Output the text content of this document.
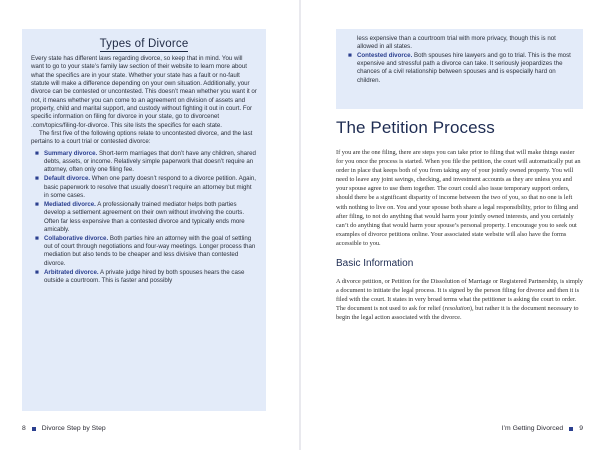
Types of Divorce

Every state has different laws regarding divorce, so keep that in mind. You will want to go to your state’s family law section of their website to learn more about what the specifics are in your state. Whether your state has a fault or no-fault statute will make a difference depending on your own situation. Additionally, your divorce can be contested or uncontested. This doesn’t mean whether you want it or not, it means whether you can come to an agreement on division of assets and property, child and marital support, and custody without fighting it out in court. For specific information on filing for divorce in your state, go to divorcenet .com/topics/filing-for-divorce. This site lists the specifics for each state.

The first five of the following options relate to uncontested divorce, and the last pertains to a court trial or contested divorce:

■ Summary divorce. Short-term marriages that don’t have any children, shared debts, assets, or income. Relatively simple paperwork that doesn’t require an attorney, often only one filing fee.
■ Default divorce. When one party doesn’t respond to a divorce petition. Again, basic paperwork to resolve that usually doesn’t require an attorney but might in some cases.
■ Mediated divorce. A professionally trained mediator helps both parties develop a settlement agreement on their own without involving the courts. Often far less expensive than a contested divorce and typically ends more amicably.
■ Collaborative divorce. Both parties hire an attorney with the goal of settling out of court through negotiations and four-way meetings. Longer process than mediation but also tends to be cheaper and less divisive than contested divorce.
■ Arbitrated divorce. A private judge hired by both spouses hears the case outside a courtroom. This is faster and possibly

less expensive than a courtroom trial with more privacy, though this is not allowed in all states.

■ Contested divorce. Both spouses hire lawyers and go to trial. This is the most expensive and stressful path a divorce can take. It seriously jeopardizes the chances of a civil relationship between spouses and is especially hard on children.
The Petition Process

If you are the one filing, there are steps you can take prior to filing that will make things easier for you once the process is started. When you file the petition, the court will automatically put an order in place that keeps both of you from taking any of your jointly owned property. You will need to leave any joint savings, checking, and investment accounts as they are unless you and your spouse agree to use them together. The court could also issue temporary support orders, should there be a significant disparity of income between the two of you, so that no one is left with nothing to live on. You and your spouse both share a legal responsibility, prior to filing and after filing, to not do anything that would harm your jointly owned interests, and you certainly can’t do anything that would harm your spouse’s personal property. I encourage you to seek out examples of divorce petitions online. Your associated state website will also have the forms accessible to you.

Basic Information

A divorce petition, or Petition for the Dissolution of Marriage or Registered Partnership, is simply a document to initiate the legal process. It is signed by the person filing for divorce and then it is filed with the court. It states in very broad terms what the petitioner is asking the court to order. The document is not used to ask for relief (resolution), but rather it is the document necessary to begin the legal action associated with the divorce.

8 Divorce Step by Step	I’m Getting Divorced 9
